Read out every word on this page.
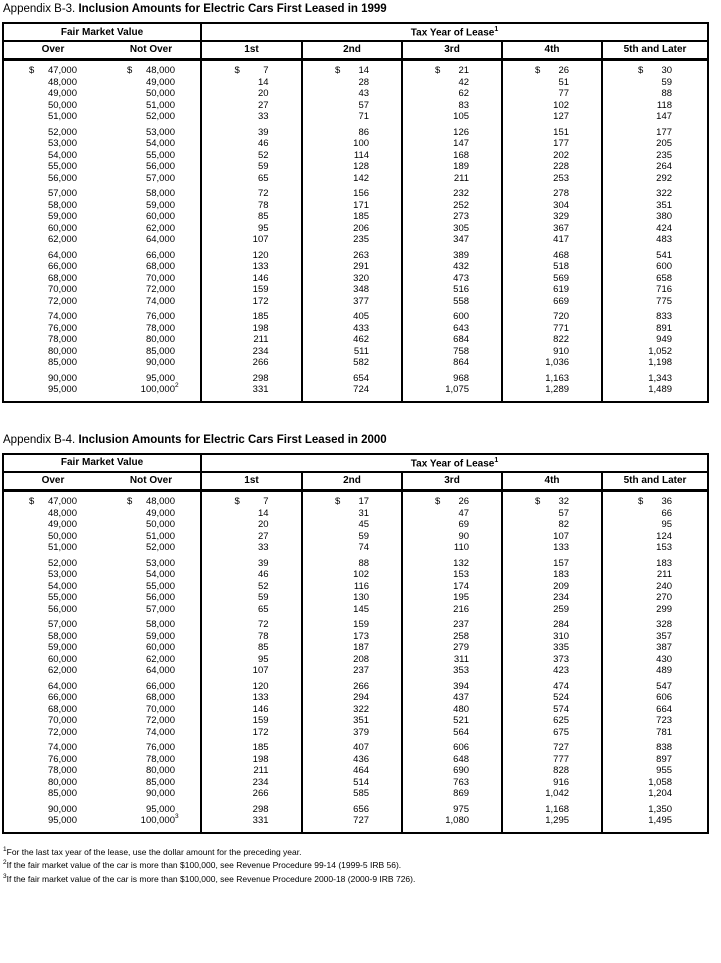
Appendix B-3. Inclusion Amounts for Electric Cars First Leased in 1999
Fair Market Value		Tax Year of Lease$^1$
Over	Not Over	1st	2nd	3rd	4th	5th and Later

$ 47,000	$ 48,000	$ 7	$ 14	$ 21	$ 26	$ 30

48,000	49,000	14	28	42	51	59

49,000	50,000	20	43	62	77	88

50,000	51,000	27	57	83	102	118

51,000	52,000	33	71	105	127	147

52,000	53,000	39	86	126	151	177

53,000	54,000	46	100	147	177	205

54,000	55,000	52	114	168	202	235

55,000	56,000	59	128	189	228	264

56,000	57,000	65	142	211	253	292

57,000	58,000	72	156	232	278	322

58,000	59,000	78	171	252	304	351

59,000	60,000	85	185	273	329	380

60,000	62,000	95	206	305	367	424

62,000	64,000	107	235	347	417	483

64,000	66,000	120	263	389	468	541

66,000	68,000	133	291	432	518	600

68,000	70,000	146	320	473	569	658

70,000	72,000	159	348	516	619	716

72,000	74,000	172	377	558	669	775

74,000	76,000	185	405	600	720	833

76,000	78,000	198	433	643	771	891

78,000	80,000	211	462	684	822	949

80,000	85,000	234	511	758	910	1,052

85,000	90,000	266	582	864	1,036	1,198

90,000	95,000	298	654	968	1,163	1,343

95,000	100,000 2	331	724	1,075	1,289	1,489
Appendix B-4. Inclusion Amounts for Electric Cars First Leased in 2000
Fair Market Value		Tax Year of Lease$^1$
Over	Not Over	1st	2nd	3rd	4th	5th and Later

$ 47,000	$ 48,000	$ 7	$ 17	$ 26	$ 32	$ 36

48,000	49,000	14	31	47	57	66

49,000	50,000	20	45	69	82	95

50,000	51,000	27	59	90	107	124

51,000	52,000	33	74	110	133	153

52,000	53,000	39	88	132	157	183

53,000	54,000	46	102	153	183	211

54,000	55,000	52	116	174	209	240

55,000	56,000	59	130	195	234	270

56,000	57,000	65	145	216	259	299

57,000	58,000	72	159	237	284	328

58,000	59,000	78	173	258	310	357

59,000	60,000	85	187	279	335	387

60,000	62,000	95	208	311	373	430

62,000	64,000	107	237	353	423	489

64,000	66,000	120	266	394	474	547

66,000	68,000	133	294	437	524	606

68,000	70,000	146	322	480	574	664

70,000	72,000	159	351	521	625	723

72,000	74,000	172	379	564	675	781

74,000	76,000	185	407	606	727	838

76,000	78,000	198	436	648	777	897

78,000	80,000	211	464	690	828	955

80,000	85,000	234	514	763	916	1,058

85,000	90,000	266	585	869	1,042	1,204

90,000	95,000	298	656	975	1,168	1,350

95,000	100,000 3	331	727	1,080	1,295	1,495
$^1$For the last tax year of the lease, use the dollar amount for the preceding year.
$^2$If the fair market value of the car is more than $100,000, see Revenue Procedure 99-14 (1999-5 IRB 56).
$^3$If the fair market value of the car is more than $100,000, see Revenue Procedure 2000-18 (2000-9 IRB 726).
